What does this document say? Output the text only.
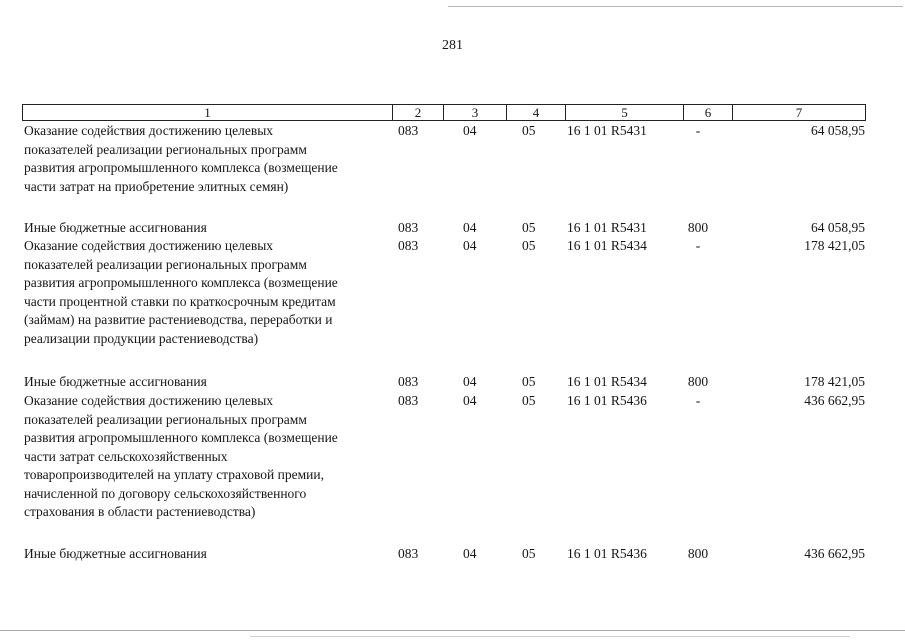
281
1	2	3	4	5	6	7
Оказание содействия достижению целевых
показателей реализации региональных программ
развития агропромышленного комплекса (возмещение
части затрат на приобретение элитных семян)
083	04	05 16 1 01 R5431	-	64 058,95
Иные бюджетные ассигнования	083	04	05 16 1 01 R5431	800	64 058,95
Оказание содействия достижению целевых
показателей реализации региональных программ
развития агропромышленного комплекса (возмещение
части процентной ставки по краткосрочным кредитам
(займам) на развитие растениеводства, переработки и
реализации продукции растениеводства)
083	04	05 16 1 01 R5434	-	178 421,05
Иные бюджетные ассигнования	083	04	05 16 1 01 R5434	800	178 421,05
Оказание содействия достижению целевых
показателей реализации региональных программ
развития агропромышленного комплекса (возмещение
части затрат сельскохозяйственных
товаропроизводителей на уплату страховой премии,
начисленной по договору сельскохозяйственного
страхования в области растениеводства)
083	04	05 16 1 01 R5436	-	436 662,95
Иные бюджетные ассигнования	083	04	05 16 1 01 R5436	800	436 662,95
